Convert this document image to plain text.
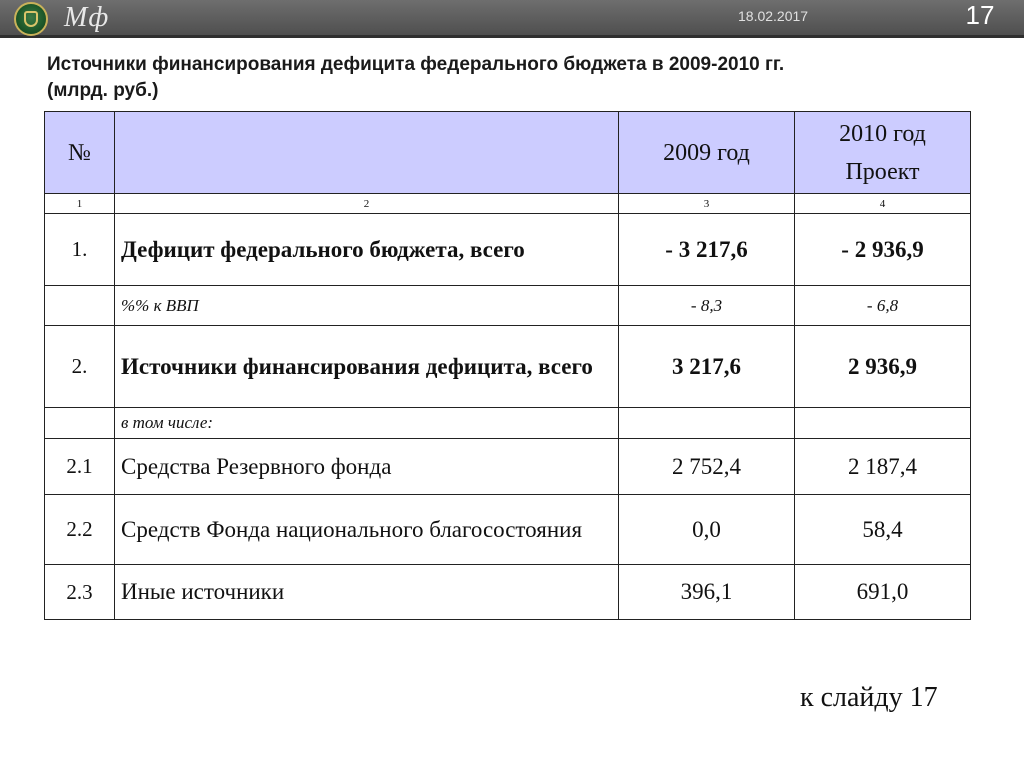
Мф	18.02.2017	17
Источники финансирования дефицита федерального бюджета в 2009-2010 гг.
(млрд. руб.)
№		2009 год	2010 год
Проект

1	2	3	4
1.	Дефицит федерального бюджета, всего	- 3 217,6	- 2 936,9
	%% к ВВП	- 8,3	- 6,8
2.	Источники финансирования дефицита, всего	3 217,6	2 936,9
	в том числе:		
2.1	Средства Резервного фонда	2 752,4	2 187,4
2.2	Средств Фонда национального благосостояния	0,0	58,4
2.3	Иные источники	396,1	691,0
к слайду 17
